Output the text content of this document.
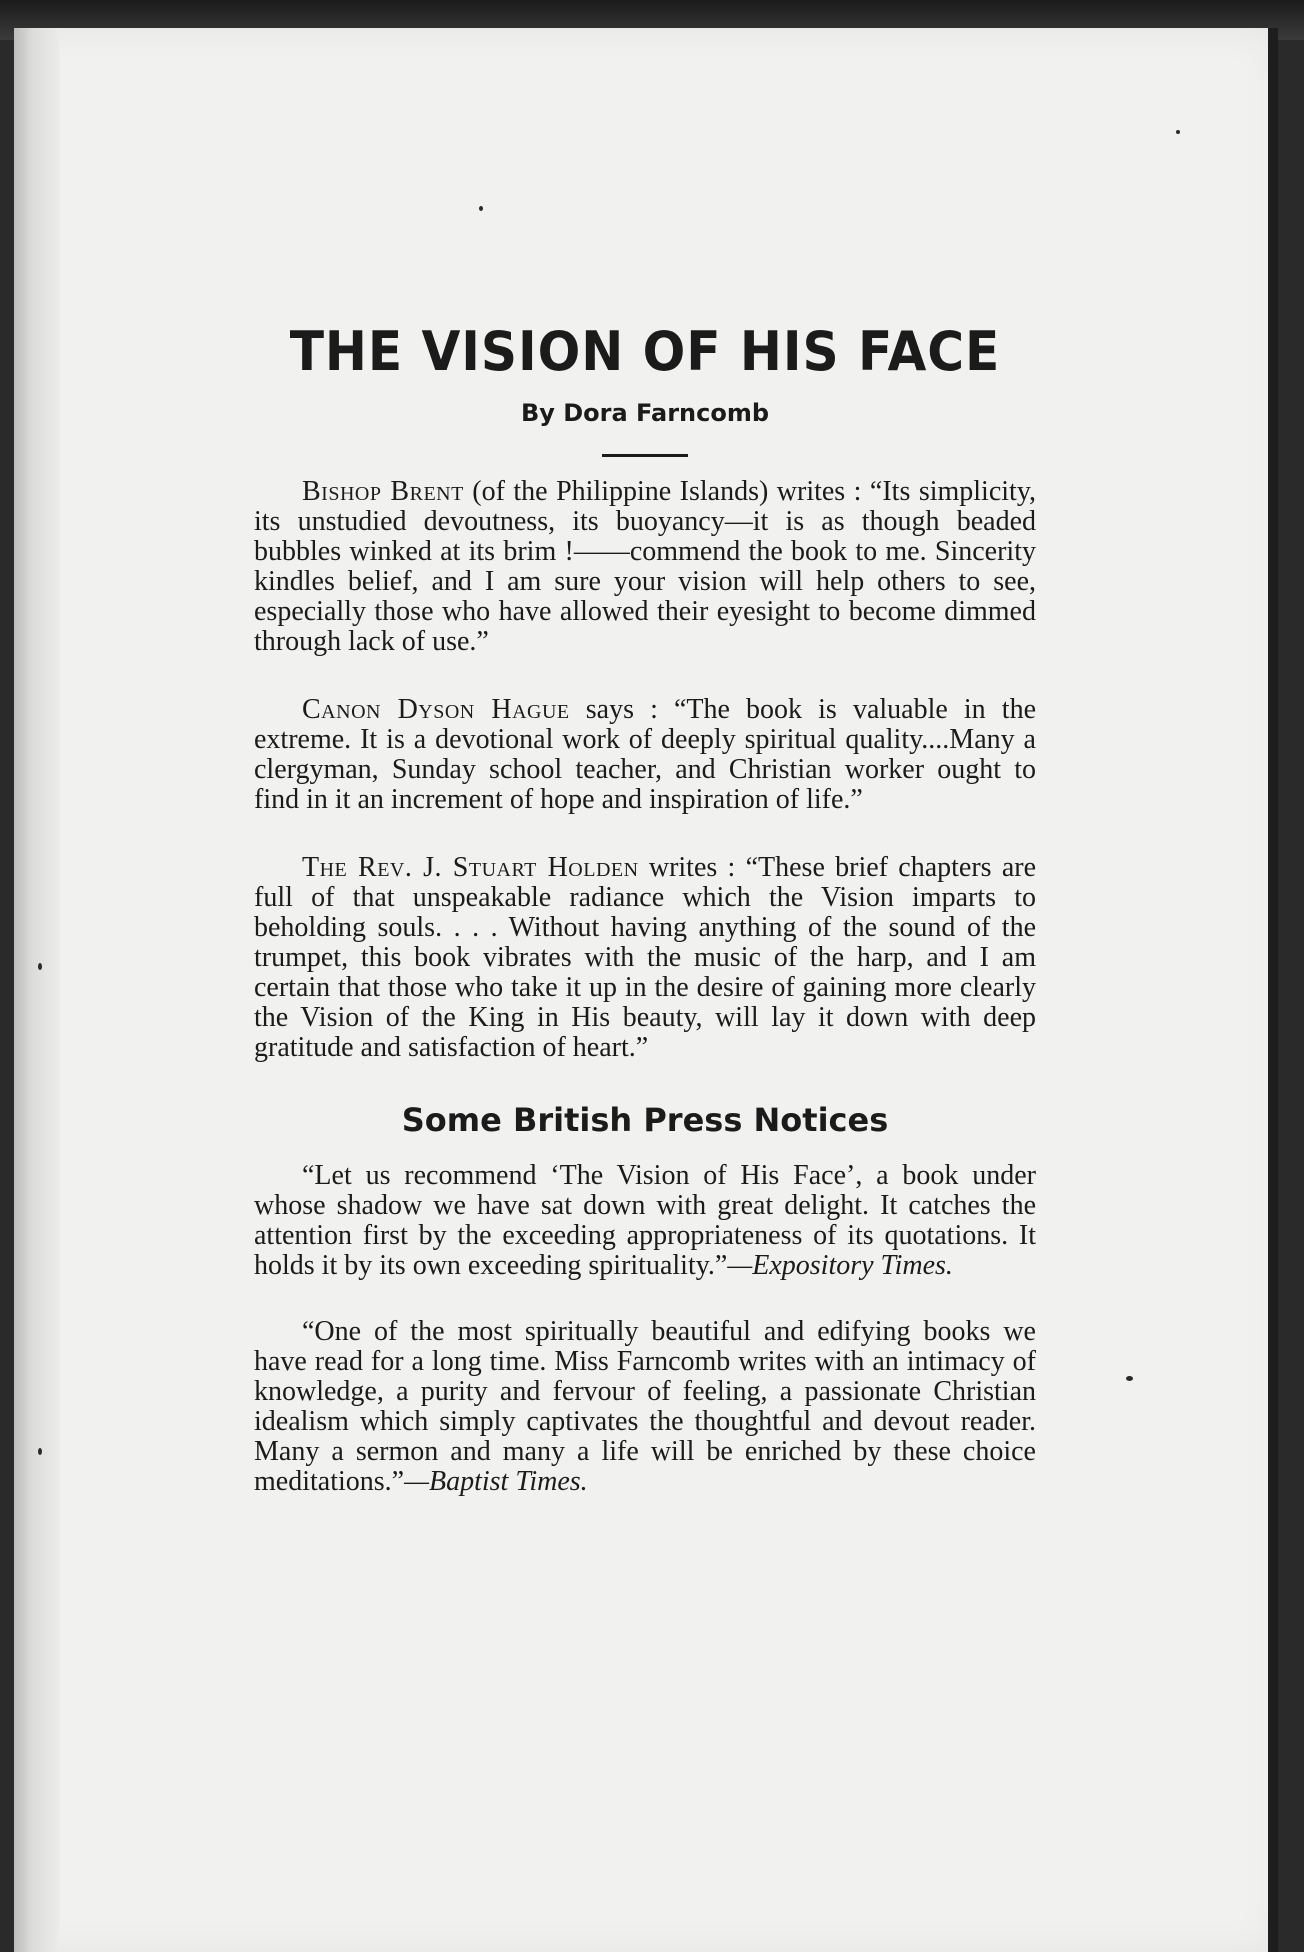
THE VISION OF HIS FACE
By Dora Farncomb

Bishop Brent (of the Philippine Islands) writes : “Its simplicity, its unstudied devoutness, its buoyancy—it is as though beaded bubbles winked at its brim !——commend the book to me. Sincerity kindles belief, and I am sure your vision will help others to see, especially those who have allowed their eyesight to become dimmed through lack of use.”

Canon Dyson Hague says : “The book is valuable in the extreme. It is a devotional work of deeply spiritual quality....Many a clergyman, Sunday school teacher, and Christian worker ought to find in it an increment of hope and inspiration of life.”

The Rev. J. Stuart Holden writes : “These brief chapters are full of that unspeakable radiance which the Vision imparts to beholding souls. . . . Without having anything of the sound of the trumpet, this book vibrates with the music of the harp, and I am certain that those who take it up in the desire of gaining more clearly the Vision of the King in His beauty, will lay it down with deep gratitude and satisfaction of heart.”

Some British Press Notices

“Let us recommend ‘The Vision of His Face’, a book under whose shadow we have sat down with great delight. It catches the attention first by the exceeding appropriateness of its quotations. It holds it by its own exceeding spirituality.”—Expository Times.

“One of the most spiritually beautiful and edifying books we have read for a long time. Miss Farncomb writes with an intimacy of knowledge, a purity and fervour of feeling, a passionate Christian idealism which simply captivates the thoughtful and devout reader. Many a sermon and many a life will be enriched by these choice meditations.”—Baptist Times.
